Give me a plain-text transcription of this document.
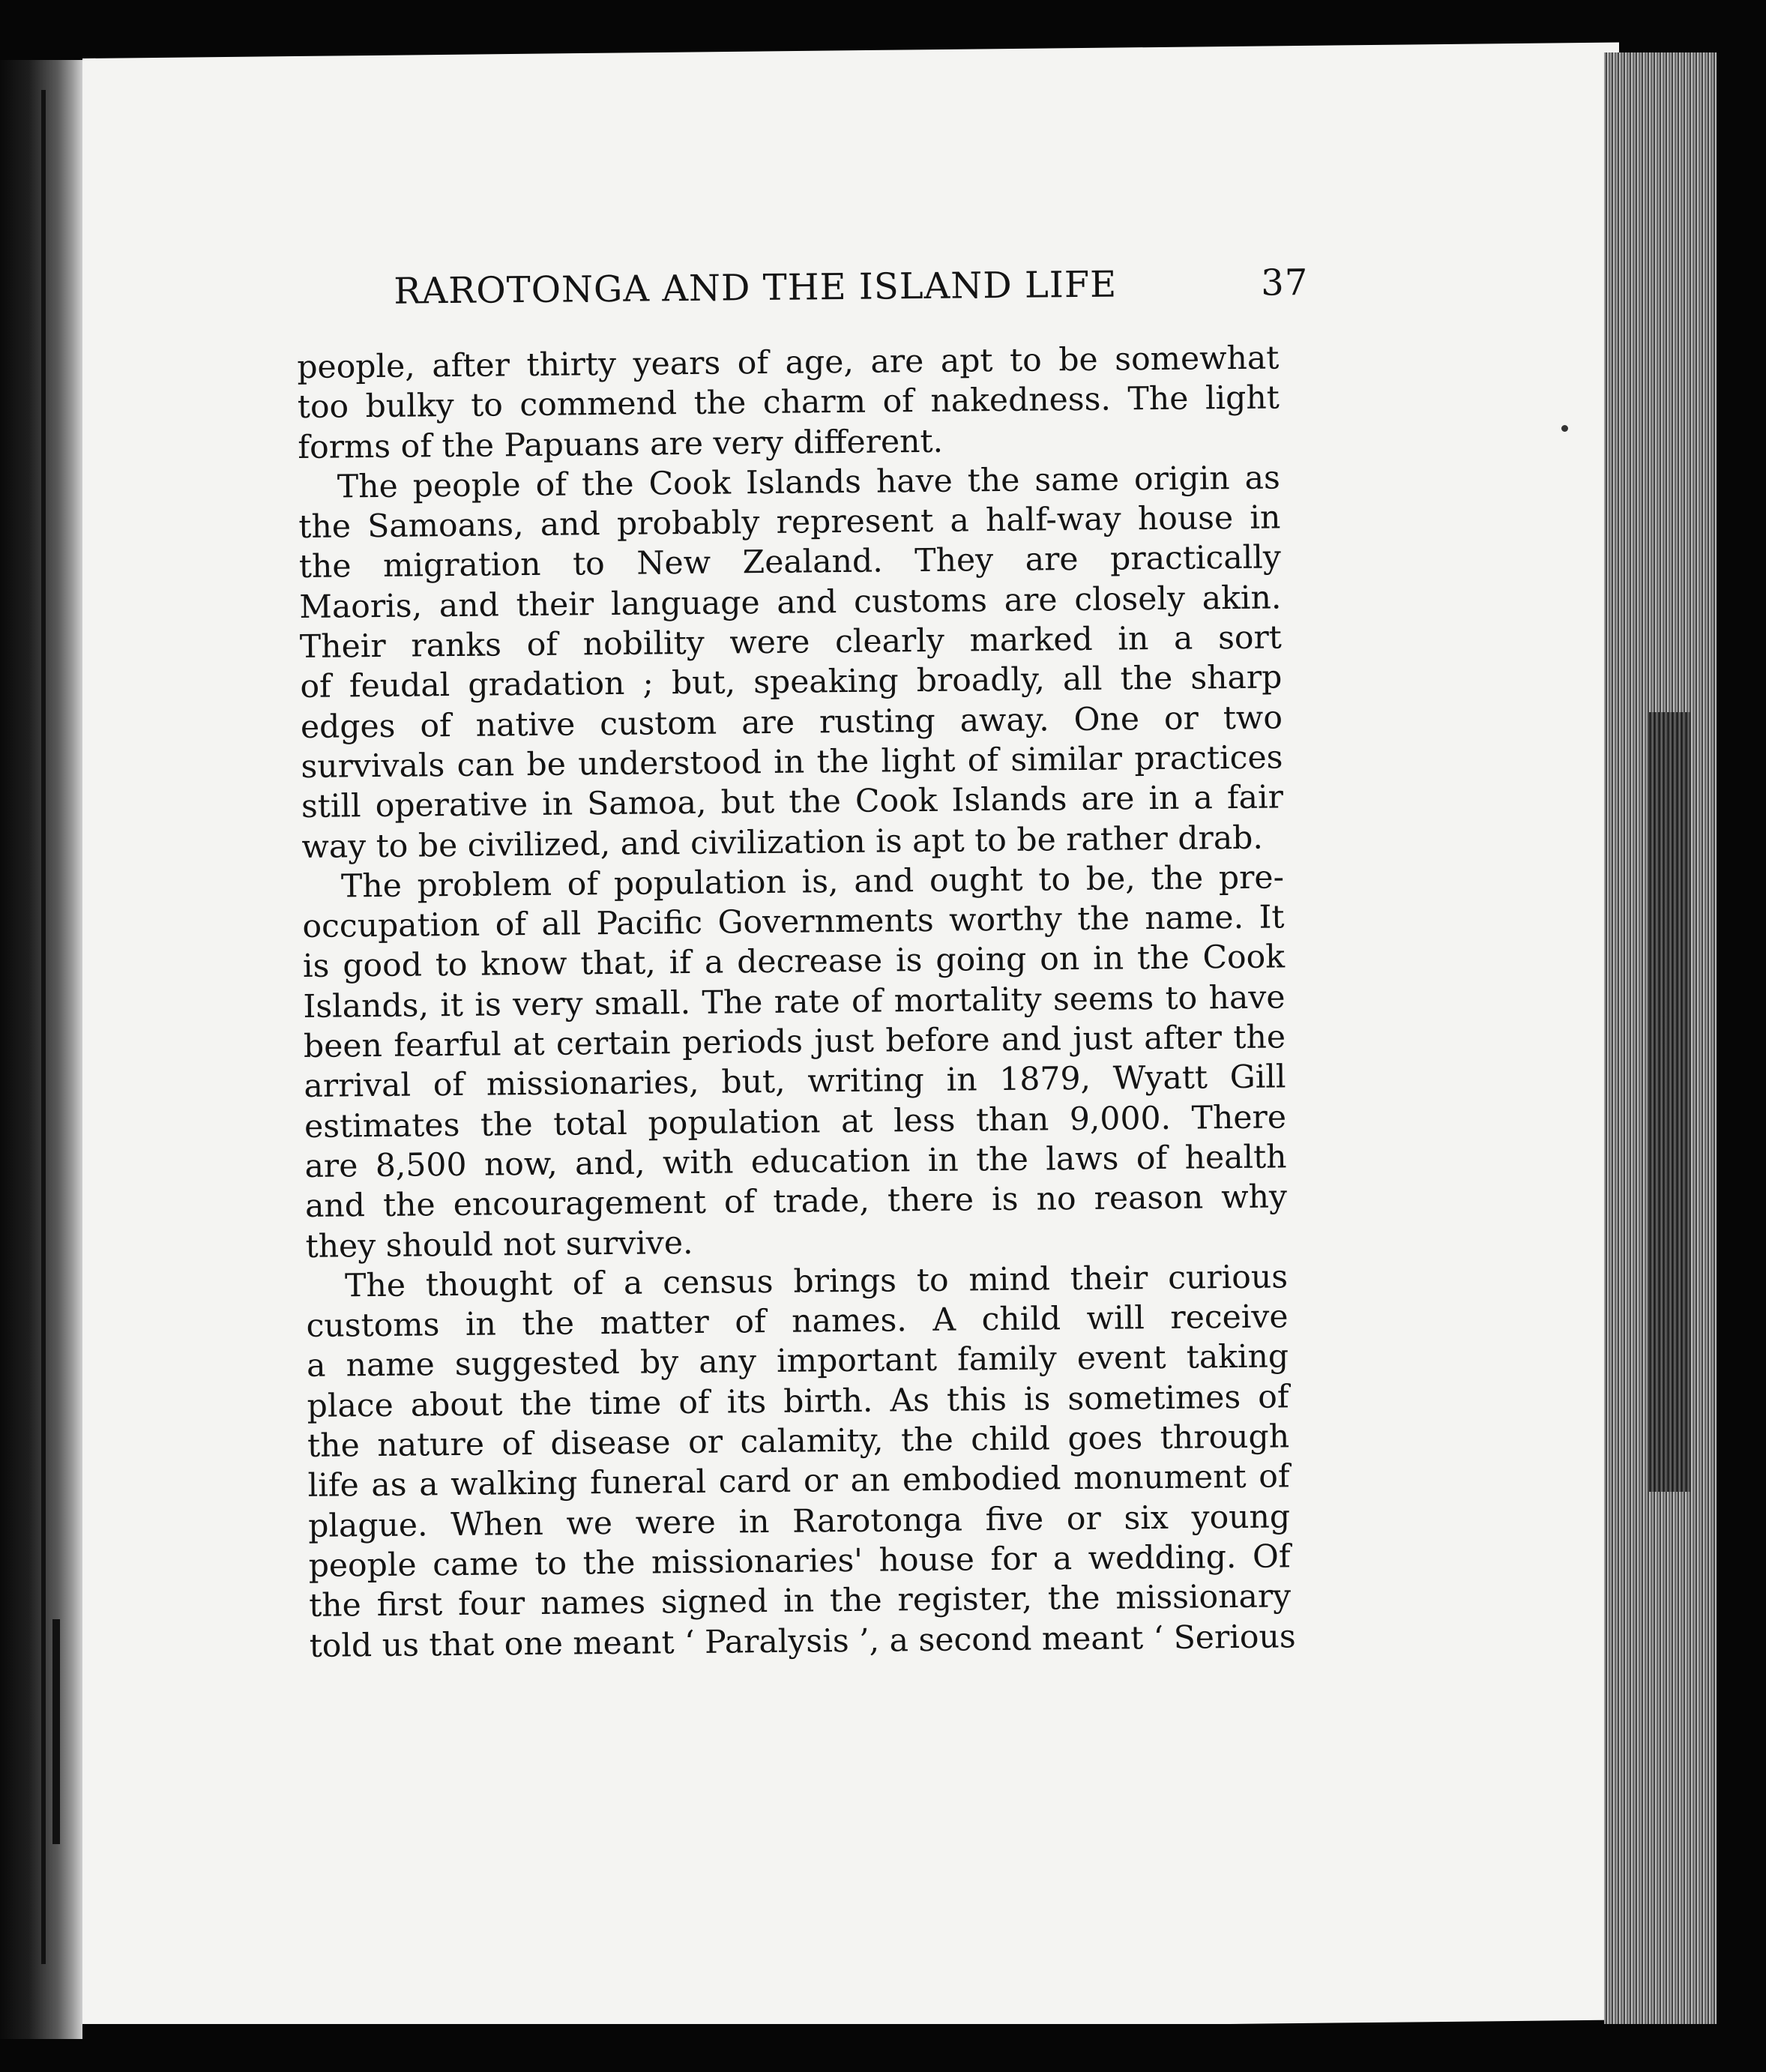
RAROTONGA AND THE ISLAND LIFE	37
people, after thirty years of age, are apt to be somewhat
too bulky to commend the charm of nakedness. The light
forms of the Papuans are very different.
The people of the Cook Islands have the same origin as
the Samoans, and probably represent a half-way house in
the migration to New Zealand. They are practically
Maoris, and their language and customs are closely akin.
Their ranks of nobility were clearly marked in a sort
of feudal gradation ; but, speaking broadly, all the sharp
edges of native custom are rusting away. One or two
survivals can be understood in the light of similar practices
still operative in Samoa, but the Cook Islands are in a fair
way to be civilized, and civilization is apt to be rather drab.
The problem of population is, and ought to be, the pre-
occupation of all Pacific Governments worthy the name. It
is good to know that, if a decrease is going on in the Cook
Islands, it is very small. The rate of mortality seems to have
been fearful at certain periods just before and just after the
arrival of missionaries, but, writing in 1879, Wyatt Gill
estimates the total population at less than 9,000. There
are 8,500 now, and, with education in the laws of health
and the encouragement of trade, there is no reason why
they should not survive.
The thought of a census brings to mind their curious
customs in the matter of names. A child will receive
a name suggested by any important family event taking
place about the time of its birth. As this is sometimes of
the nature of disease or calamity, the child goes through
life as a walking funeral card or an embodied monument of
plague. When we were in Rarotonga five or six young
people came to the missionaries' house for a wedding. Of
the first four names signed in the register, the missionary
told us that one meant ‘ Paralysis ’, a second meant ‘ Serious
